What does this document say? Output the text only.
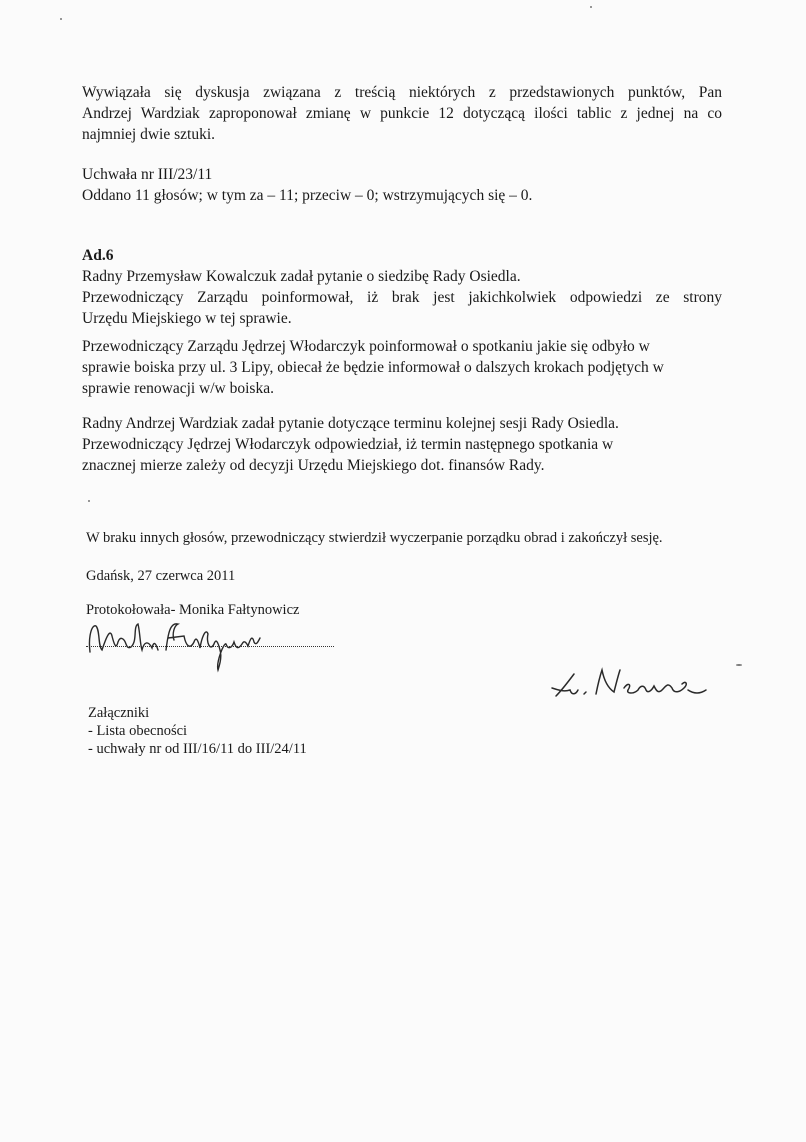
Wywiązała się dyskusja związana z treścią niektórych z przedstawionych punktów, Pan
Andrzej Wardziak zaproponował zmianę w punkcie 12 dotyczącą ilości tablic z jednej na co
najmniej dwie sztuki.
Uchwała nr III/23/11
Oddano 11 głosów; w tym za – 11; przeciw – 0; wstrzymujących się – 0.
Ad.6
Radny Przemysław Kowalczuk zadał pytanie o siedzibę Rady Osiedla.
Przewodniczący Zarządu poinformował, iż brak jest jakichkolwiek odpowiedzi ze strony
Urzędu Miejskiego w tej sprawie.
Przewodniczący Zarządu Jędrzej Włodarczyk poinformował o spotkaniu jakie się odbyło w
sprawie boiska przy ul. 3 Lipy, obiecał że będzie informował o dalszych krokach podjętych w
sprawie renowacji w/w boiska.
Radny Andrzej Wardziak zadał pytanie dotyczące terminu kolejnej sesji Rady Osiedla.
Przewodniczący Jędrzej Włodarczyk odpowiedział, iż termin następnego spotkania w
znacznej mierze zależy od decyzji Urzędu Miejskiego dot. finansów Rady.
W braku innych głosów, przewodniczący stwierdził wyczerpanie porządku obrad i zakończył sesję.
Gdańsk, 27 czerwca 2011
Protokołowała- Monika Fałtynowicz
Załączniki
- Lista obecności
- uchwały nr od III/16/11 do III/24/11
